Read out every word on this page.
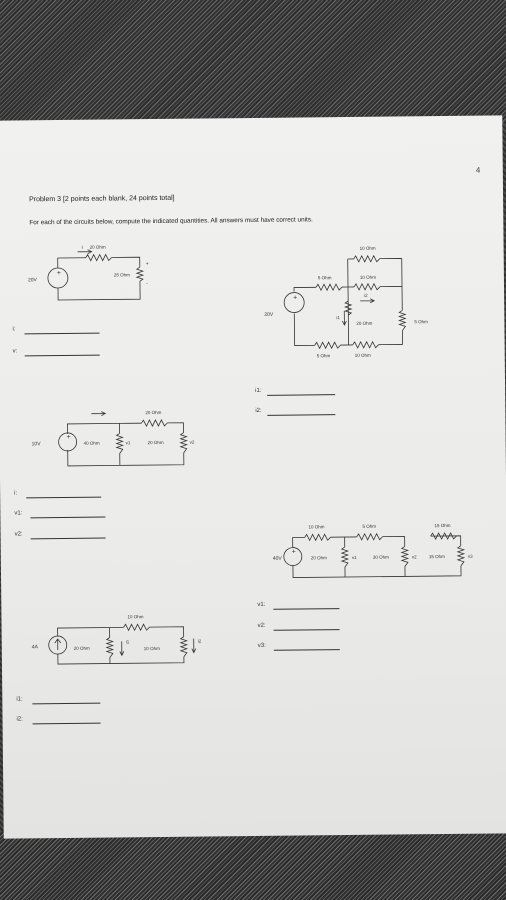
4
Problem 3 [2 points each blank, 24 points total]
For each of the circuits below, compute the indicated quantities. All answers must have correct units.
+
20V
i 20 Ohm
25 Ohm
+
-
i:
v:
+
20V
10 Ohm
10 Ohm
5 Ohm
20 Ohm	5 Ohm
5 Ohm	10 Ohm
i1
i2
i1:
i2:
+
10V
20 Ohm
40 Ohm	v1	20 Ohm	v2
i:
v1:
v2:
+
40V
10 Ohm	5 Ohm	15 Ohm
20 Ohm	v1	30 Ohm	v2	15 Ohm	v3
v1:
v2:
v3:
4A
10 Ohm
20 Ohm
i1
10 Ohm
i2
i1:
i2:
